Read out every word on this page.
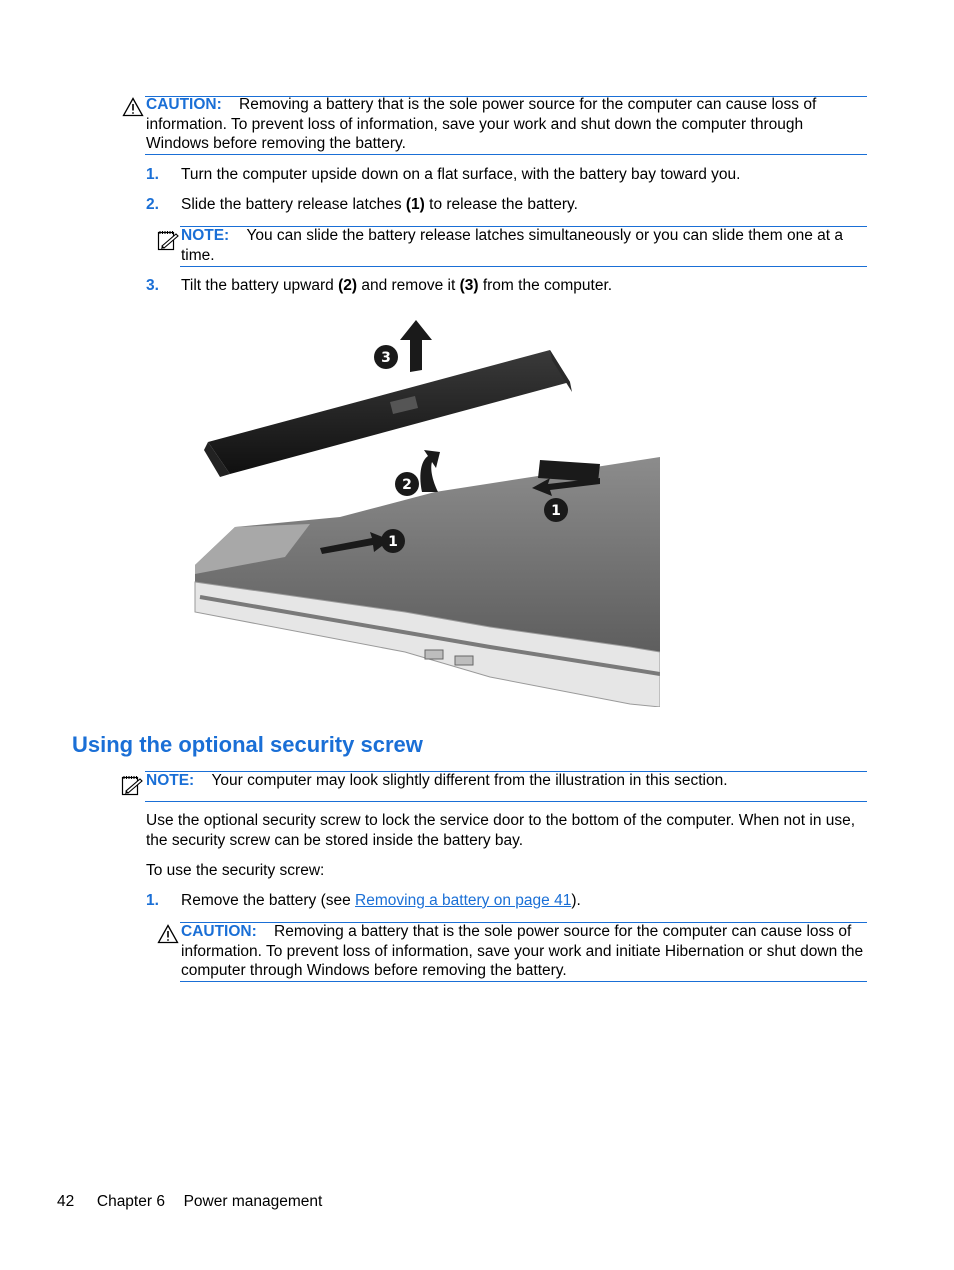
CAUTION: Removing a battery that is the sole power source for the computer can cause loss of information. To prevent loss of information, save your work and shut down the computer through Windows before removing the battery.

1. Turn the computer upside down on a flat surface, with the battery bay toward you.
2. Slide the battery release latches (1) to release the battery.

NOTE: You can slide the battery release latches simultaneously or you can slide them one at a time.

3. Tilt the battery upward (2) and remove it (3) from the computer.
3
2
1
1
Using the optional security screw

NOTE: Your computer may look slightly different from the illustration in this section.

Use the optional security screw to lock the service door to the bottom of the computer. When not in use, the security screw can be stored inside the battery bay.
To use the security screw:
1. Remove the battery (see Removing a battery on page 41).

CAUTION: Removing a battery that is the sole power source for the computer can cause loss of information. To prevent loss of information, save your work and initiate Hibernation or shut down the computer through Windows before removing the battery.

42 Chapter 6 Power management
